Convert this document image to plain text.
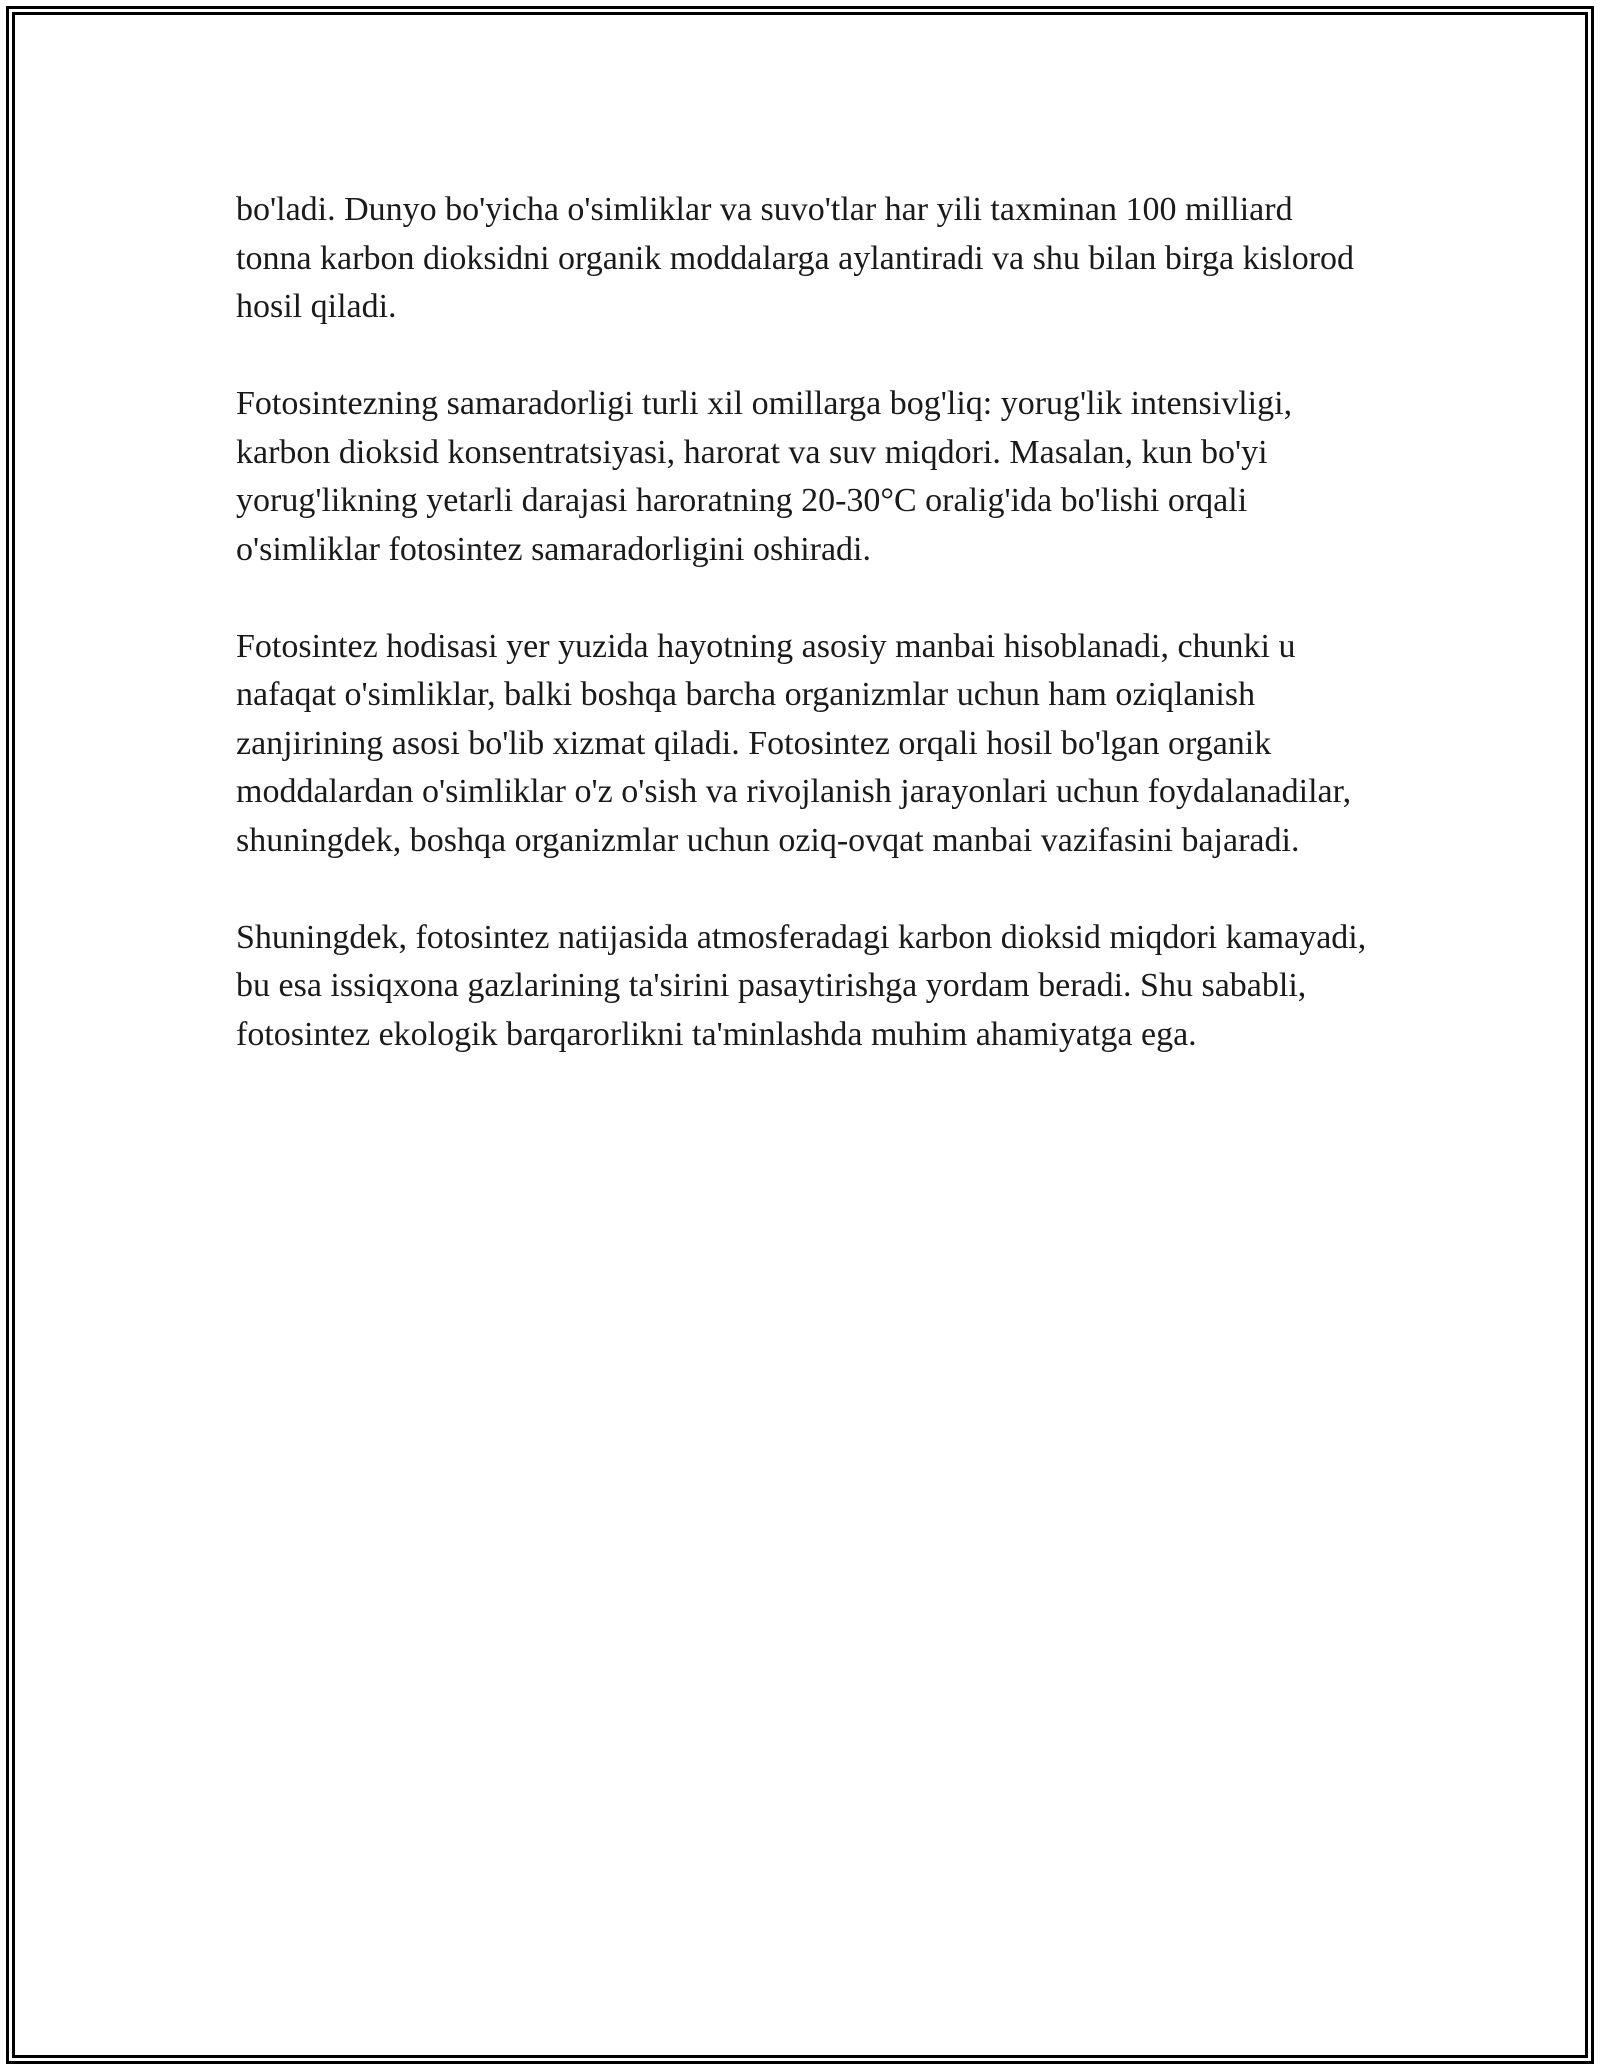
bo'ladi. Dunyo bo'yicha o'simliklar va suvo'tlar har yili taxminan 100 milliard tonna karbon dioksidni organik moddalarga aylantiradi va shu bilan birga kislorod hosil qiladi.

Fotosintezning samaradorligi turli xil omillarga bog'liq: yorug'lik intensivligi, karbon dioksid konsentratsiyasi, harorat va suv miqdori. Masalan, kun bo'yi yorug'likning yetarli darajasi haroratning 20-30°C oralig'ida bo'lishi orqali o'simliklar fotosintez samaradorligini oshiradi.

Fotosintez hodisasi yer yuzida hayotning asosiy manbai hisoblanadi, chunki u nafaqat o'simliklar, balki boshqa barcha organizmlar uchun ham oziqlanish zanjirining asosi bo'lib xizmat qiladi. Fotosintez orqali hosil bo'lgan organik moddalardan o'simliklar o'z o'sish va rivojlanish jarayonlari uchun foydalanadilar, shuningdek, boshqa organizmlar uchun oziq-ovqat manbai vazifasini bajaradi.

Shuningdek, fotosintez natijasida atmosferadagi karbon dioksid miqdori kamayadi, bu esa issiqxona gazlarining ta'sirini pasaytirishga yordam beradi. Shu sababli, fotosintez ekologik barqarorlikni ta'minlashda muhim ahamiyatga ega.
